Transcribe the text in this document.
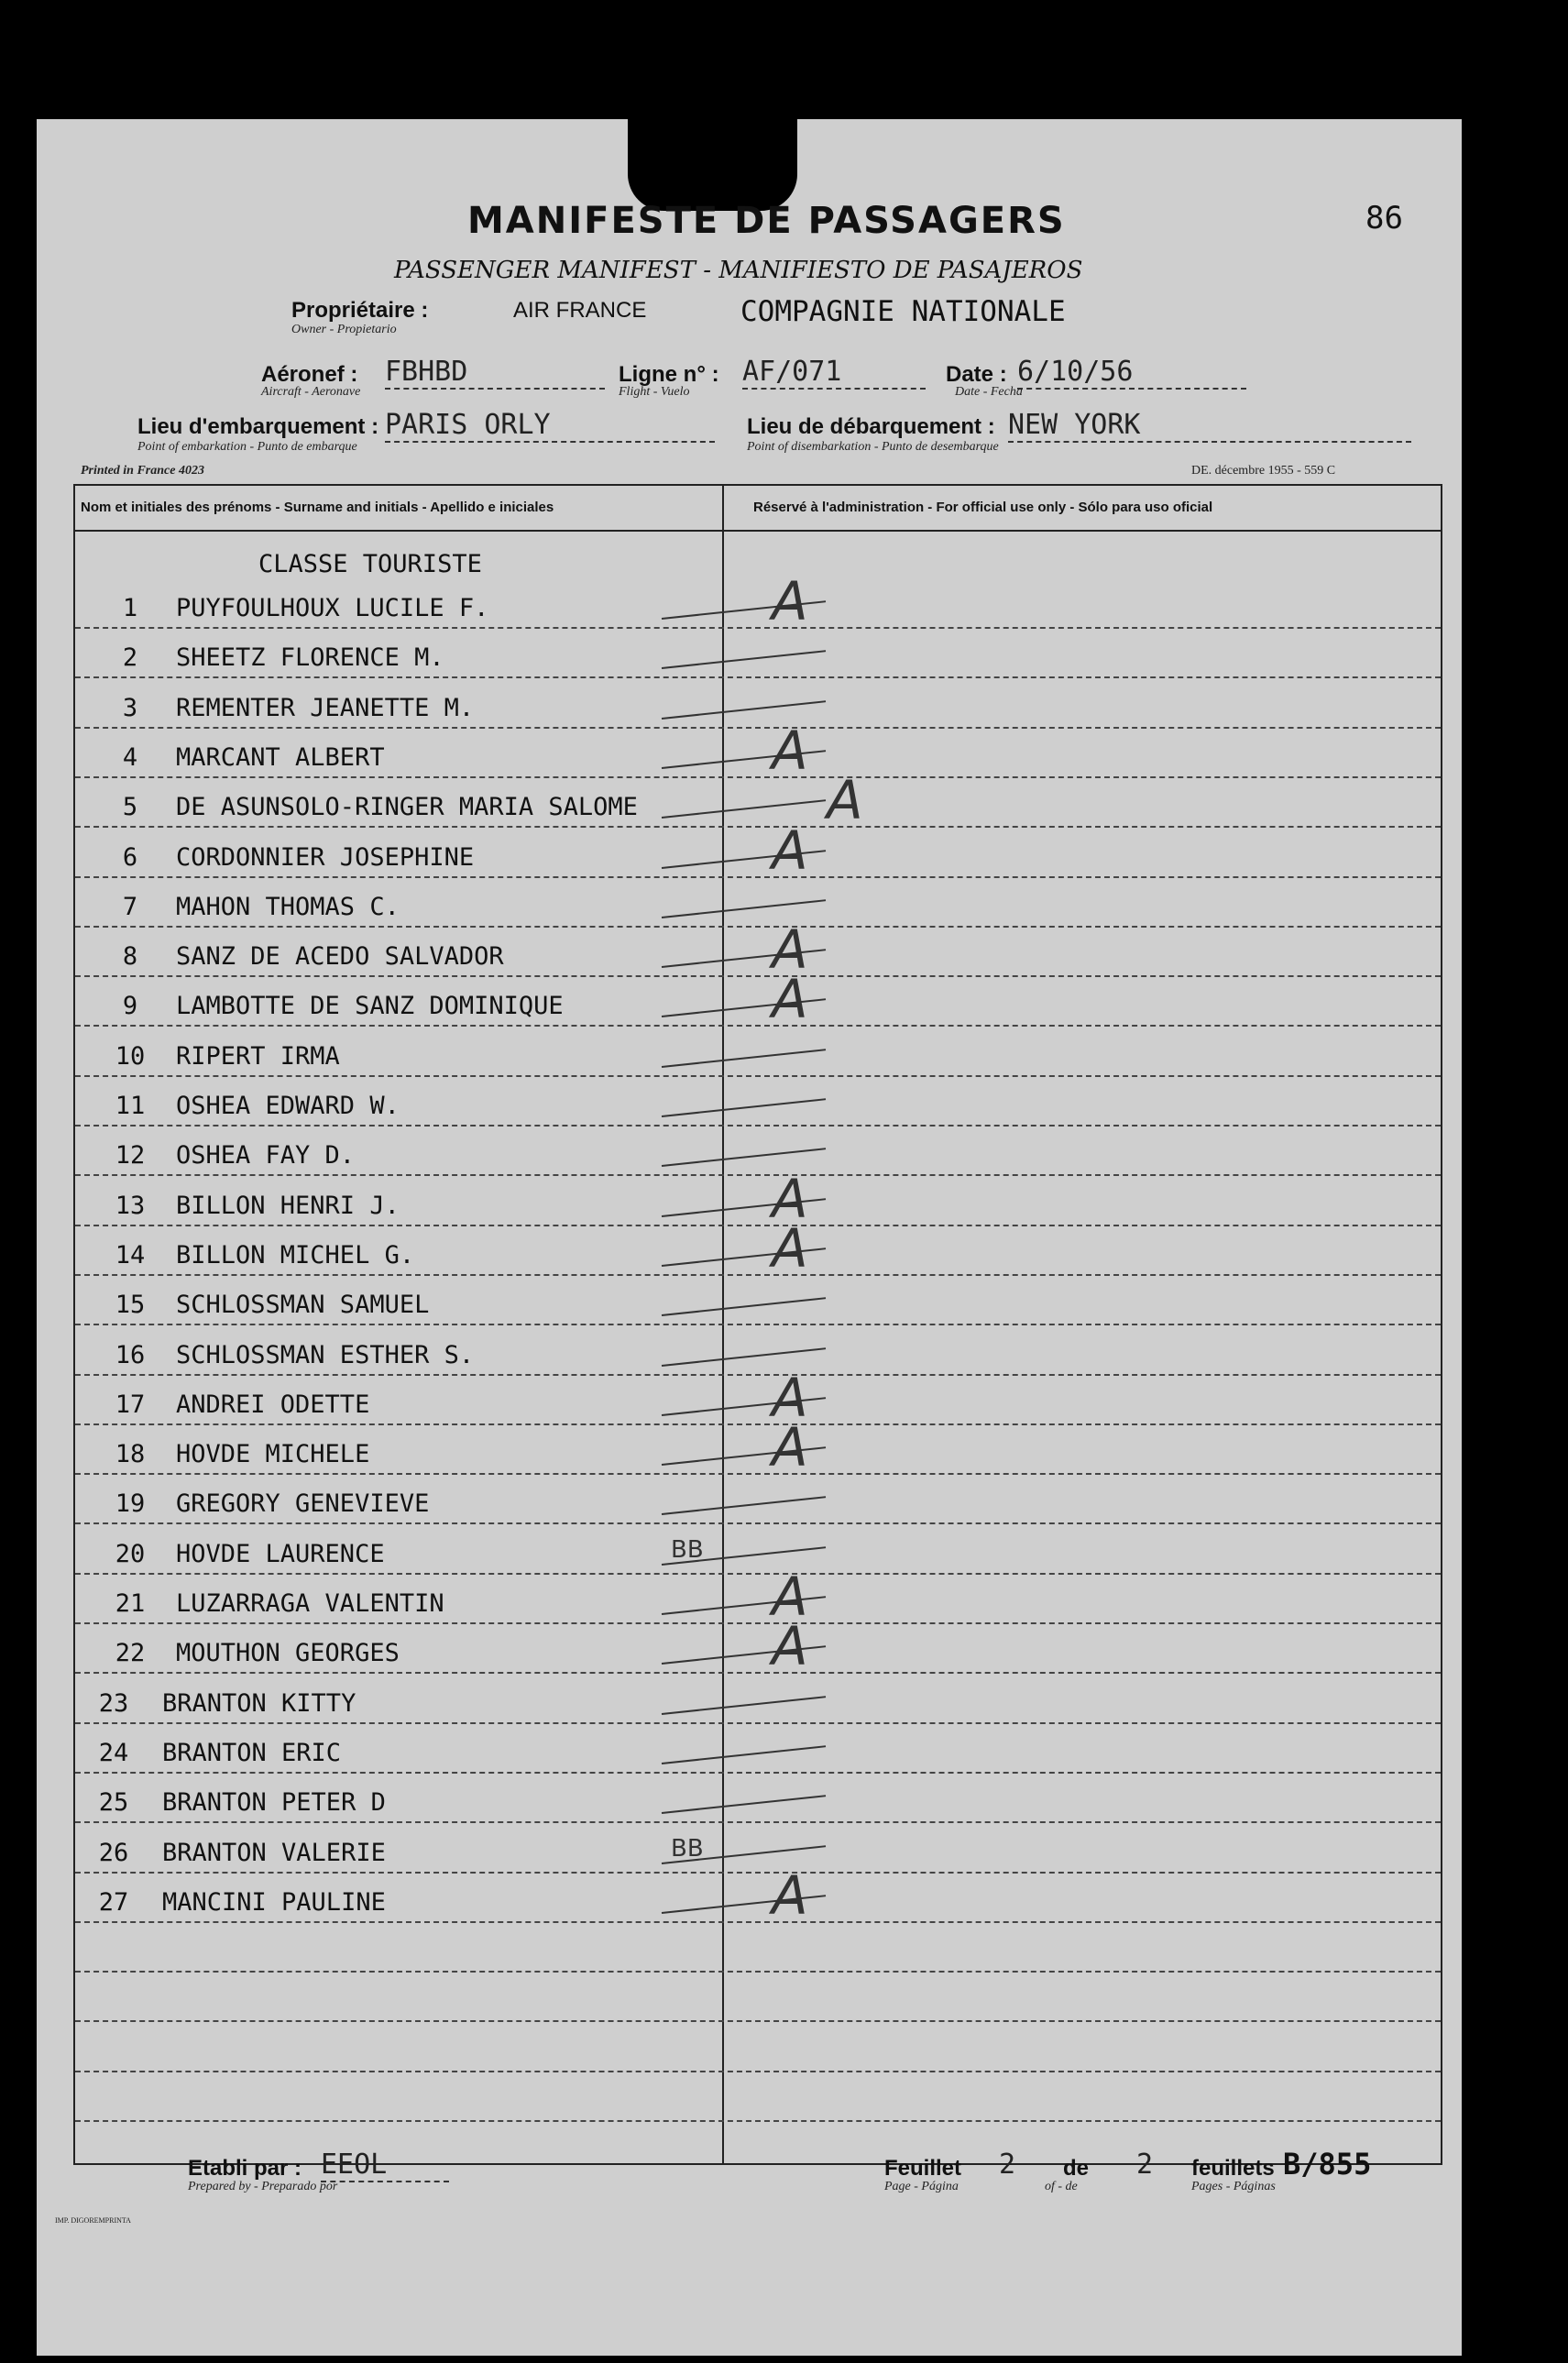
MANIFESTE DE PASSAGERS	86
PASSENGER MANIFEST - MANIFIESTO DE PASAJEROS
Propriétaire :	AIR FRANCE
Owner - Propietario
COMPAGNIE NATIONALE
Aéronef : FBHBD
Aircraft - Aeronave
Ligne n° : AF/071
Flight - Vuelo
Date : 6/10/56
Date - Fecha
Lieu d'embarquement : PARIS ORLY
Point of embarkation - Punto de embarque
Lieu de débarquement : NEW YORK
Point of disembarkation - Punto de desembarque
Printed in France 4023	DE. décembre 1955 - 559 C
Nom et initiales des prénoms - Surname and initials - Apellido e iniciales	Réservé à l'administration - For official use only - Sólo para uso oficial
CLASSE TOURISTE
1	PUYFOULHOUX LUCILE F.	A
2	SHEETZ FLORENCE M.
3	REMENTER JEANETTE M.
4	MARCANT ALBERT	A
5	DE ASUNSOLO-RINGER MARIA SALOME	A
6	CORDONNIER JOSEPHINE	A
7	MAHON THOMAS C.
8	SANZ DE ACEDO SALVADOR	A
9	LAMBOTTE DE SANZ DOMINIQUE	A
10	RIPERT IRMA
11	OSHEA EDWARD W.
12	OSHEA FAY D.
13	BILLON HENRI J.	A
14	BILLON MICHEL G.	A
15	SCHLOSSMAN SAMUEL
16	SCHLOSSMAN ESTHER S.
17	ANDREI ODETTE	A
18	HOVDE MICHELE	A
19	GREGORY GENEVIEVE
20	HOVDE LAURENCE	BB
21	LUZARRAGA VALENTIN	A
22	MOUTHON GEORGES	A
23	BRANTON KITTY
24	BRANTON ERIC
25	BRANTON PETER D
26	BRANTON VALERIE	BB
27	MANCINI PAULINE	A
Etabli par : EEOL
Prepared by - Preparado por
Feuillet 2
Page - Página
de 2
of - de
feuillets
Pages - Páginas
B/855
IMP. DIGOREMPRINTA
